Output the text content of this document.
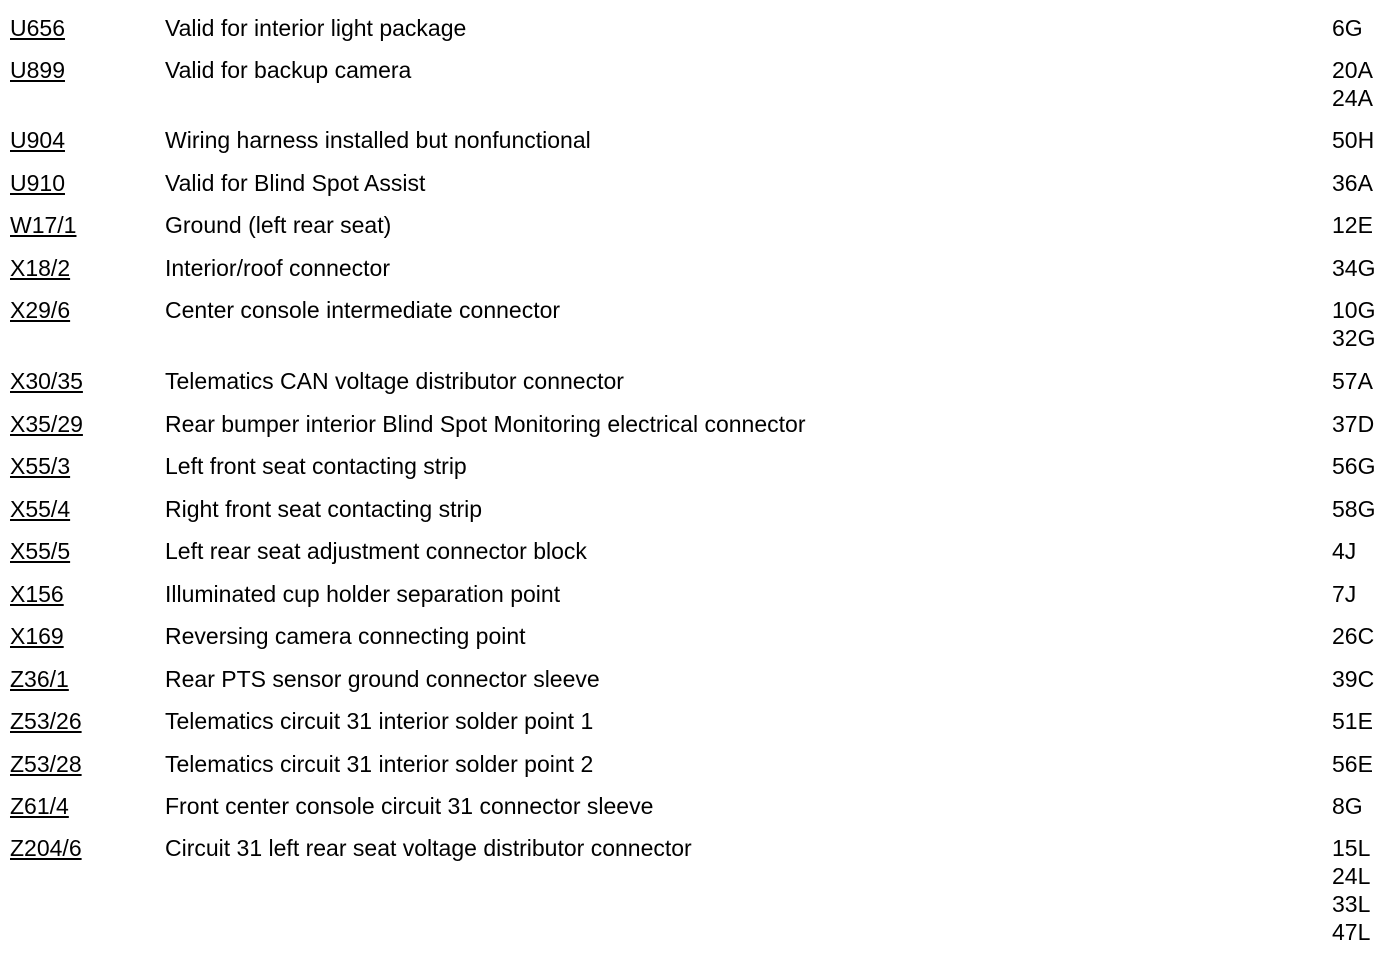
U656	Valid for interior light package	6G
U899	Valid for backup camera	20A
24A
U904	Wiring harness installed but nonfunctional	50H
U910	Valid for Blind Spot Assist	36A
W17/1	Ground (left rear seat)	12E
X18/2	Interior/roof connector	34G
X29/6	Center console intermediate connector	10G
32G
X30/35	Telematics CAN voltage distributor connector	57A
X35/29	Rear bumper interior Blind Spot Monitoring electrical connector	37D
X55/3	Left front seat contacting strip	56G
X55/4	Right front seat contacting strip	58G
X55/5	Left rear seat adjustment connector block	4J
X156	Illuminated cup holder separation point	7J
X169	Reversing camera connecting point	26C
Z36/1	Rear PTS sensor ground connector sleeve	39C
Z53/26	Telematics circuit 31 interior solder point 1	51E
Z53/28	Telematics circuit 31 interior solder point 2	56E
Z61/4	Front center console circuit 31 connector sleeve	8G
Z204/6	Circuit 31 left rear seat voltage distributor connector	15L
24L
33L
47L
